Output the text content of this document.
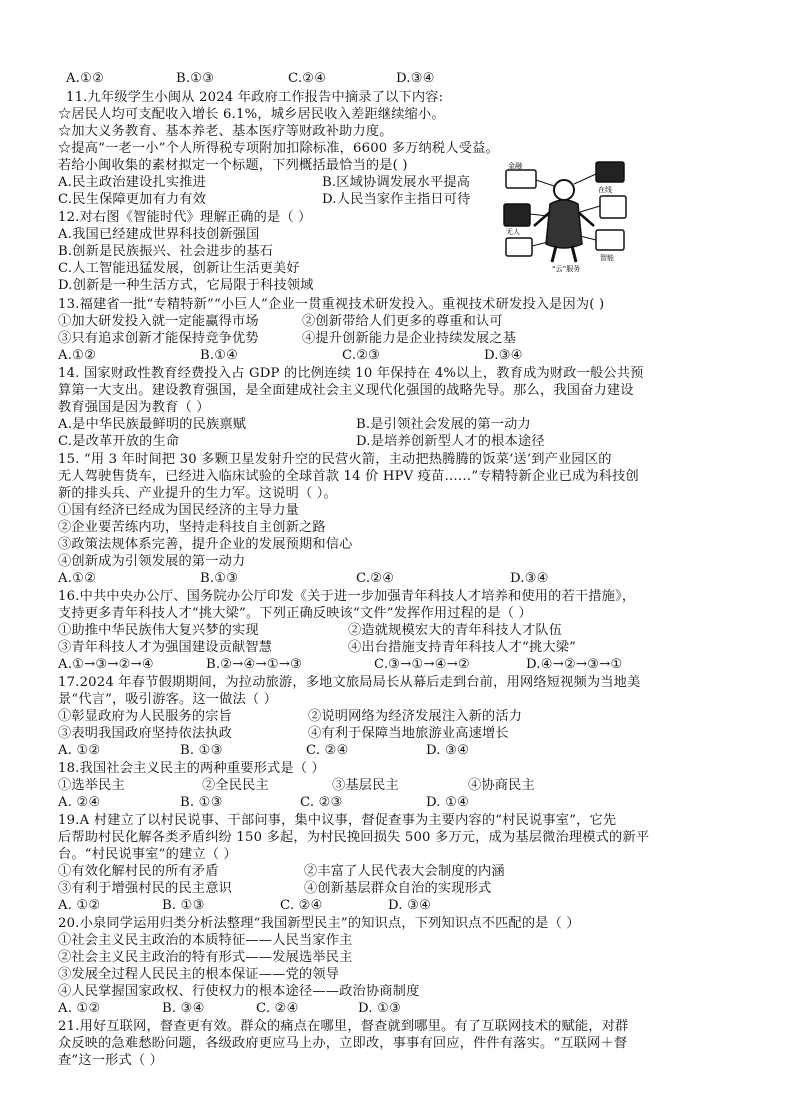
A.①②	B.①③	C.②④	D.③④
11.九年级学生小闽从 2024 年政府工作报告中摘录了以下内容:
☆居民人均可支配收入增长 6.1%，城乡居民收入差距继续缩小。
☆加大义务教育、基本养老、基本医疗等财政补助力度。
☆提高“一老一小”个人所得税专项附加扣除标准，6600 多万纳税人受益。
若给小闽收集的素材拟定一个标题，下列概括最恰当的是( )
A.民主政治建设扎实推进	B.区域协调发展水平提高
C.民生保障更加有力有效	D.人民当家作主指日可待
12.对右图《智能时代》理解正确的是（ ）
A.我国已经建成世界科技创新强国
B.创新是民族振兴、社会进步的基石
C.人工智能迅猛发展，创新让生活更美好
D.创新是一种生活方式，它局限于科技领域
金融
在线
无人
智能
“云”服务
13.福建省一批“专精特新”“小巨人”企业一贯重视技术研发投入。重视技术研发投入是因为( )
①加大研发投入就一定能赢得市场	②创新带给人们更多的尊重和认可
③只有追求创新才能保持竞争优势	④提升创新能力是企业持续发展之基
A.①②	B.①④	C.②③	D.③④
14. 国家财政性教育经费投入占 GDP 的比例连续 10 年保持在 4%以上，教育成为财政一般公共预
算第一大支出。建设教育强国，是全面建成社会主义现代化强国的战略先导。那么，我国奋力建设
教育强国是因为教育（ ）
A.是中华民族最鲜明的民族禀赋	B.是引领社会发展的第一动力
C.是改革开放的生命	D.是培养创新型人才的根本途径
15. “用 3 年时间把 30 多颗卫星发射升空的民营火箭，主动把热腾腾的饭菜‘送’到产业园区的
无人驾驶售货车，已经进入临床试验的全球首款 14 价 HPV 疫苗……”专精特新企业已成为科技创
新的排头兵、产业提升的生力军。这说明（ ）。
①国有经济已经成为国民经济的主导力量
②企业要苦练内功，坚持走科技自主创新之路
③政策法规体系完善，提升企业的发展预期和信心
④创新成为引领发展的第一动力
A.①②	B.①③	C.②④	D.③④
16.中共中央办公厅、国务院办公厅印发《关于进一步加强青年科技人才培养和使用的若干措施》，
支持更多青年科技人才“挑大梁”。下列正确反映该“文件”发挥作用过程的是（ ）
①助推中华民族伟大复兴梦的实现	②造就规模宏大的青年科技人才队伍
③青年科技人才为强国建设贡献智慧	④出台措施支持青年科技人才“挑大梁”
A.①→③→②→④	B.②→④→①→③	C.③→①→④→②	D.④→②→③→①
17.2024 年春节假期期间，为拉动旅游，多地文旅局局长从幕后走到台前，用网络短视频为当地美
景“代言”，吸引游客。这一做法（ ）
①彰显政府为人民服务的宗旨	②说明网络为经济发展注入新的活力
③表明我国政府坚持依法执政	④有利于保障当地旅游业高速增长
A. ①②	B. ①③	C. ②④	D. ③④
18.我国社会主义民主的两种重要形式是（ ）
①选举民主	②全民民主	③基层民主	④协商民主
A. ②④	B. ①③	C. ②③	D. ①④
19.A 村建立了以村民说事、干部问事，集中议事，督促查事为主要内容的“村民说事室”，它先
后帮助村民化解各类矛盾纠纷 150 多起，为村民挽回损失 500 多万元，成为基层微治理模式的新平
台。“村民说事室”的建立（ ）
①有效化解村民的所有矛盾	②丰富了人民代表大会制度的内涵
③有利于增强村民的民主意识	④创新基层群众自治的实现形式
A. ①②	B. ①③	C. ②④	D. ③④
20.小泉同学运用归类分析法整理“我国新型民主”的知识点，下列知识点不匹配的是（ ）
①社会主义民主政治的本质特征——人民当家作主
②社会主义民主政治的特有形式——发展选举民主
③发展全过程人民民主的根本保证——党的领导
④人民掌握国家政权、行使权力的根本途径——政治协商制度
A. ①②	B. ③④	C. ②④	D. ①③
21.用好互联网，督查更有效。群众的痛点在哪里，督查就到哪里。有了互联网技术的赋能，对群
众反映的急难愁盼问题，各级政府更应马上办，立即改，事事有回应，件件有落实。“互联网＋督
查”这一形式（ ）
